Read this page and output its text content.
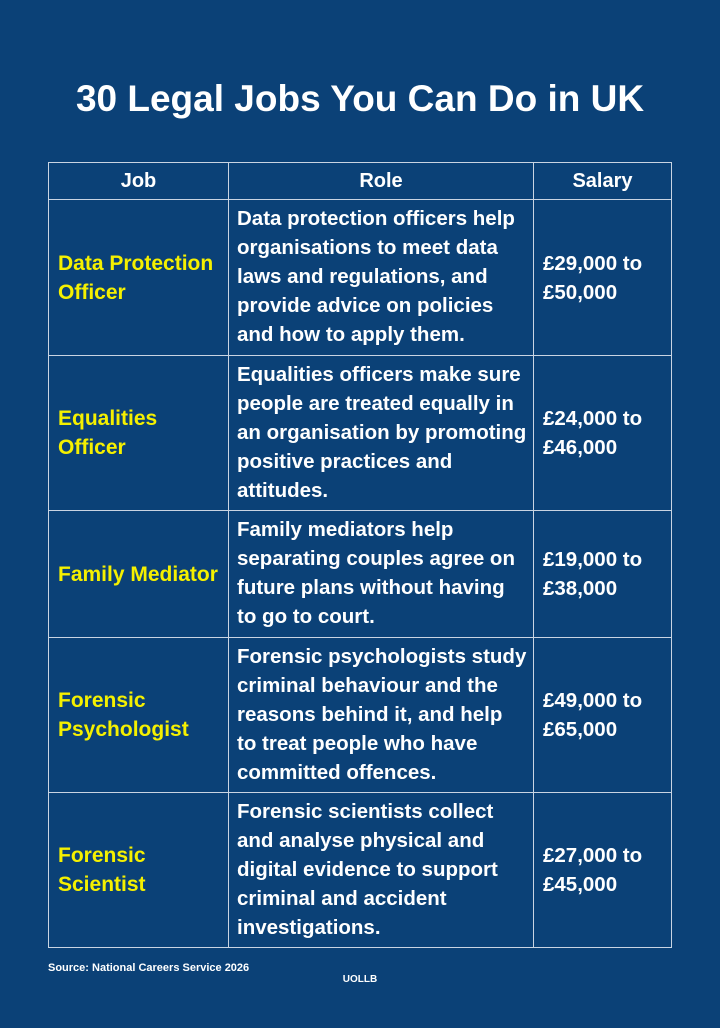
30 Legal Jobs You Can Do in UK
Job	Role	Salary
Data Protection Officer	Data protection officers help organisations to meet data laws and regulations, and provide advice on policies and how to apply them.	£29,000 to £50,000
Equalities Officer	Equalities officers make sure people are treated equally in an organisation by promoting positive practices and attitudes.	£24,000 to £46,000
Family Mediator	Family mediators help separating couples agree on future plans without having to go to court.	£19,000 to £38,000
Forensic Psychologist	Forensic psychologists study criminal behaviour and the reasons behind it, and help to treat people who have committed offences.	£49,000 to £65,000
Forensic Scientist	Forensic scientists collect and analyse physical and digital evidence to support criminal and accident investigations.	£27,000 to £45,000
Source: National Careers Service 2026
UOLLB
